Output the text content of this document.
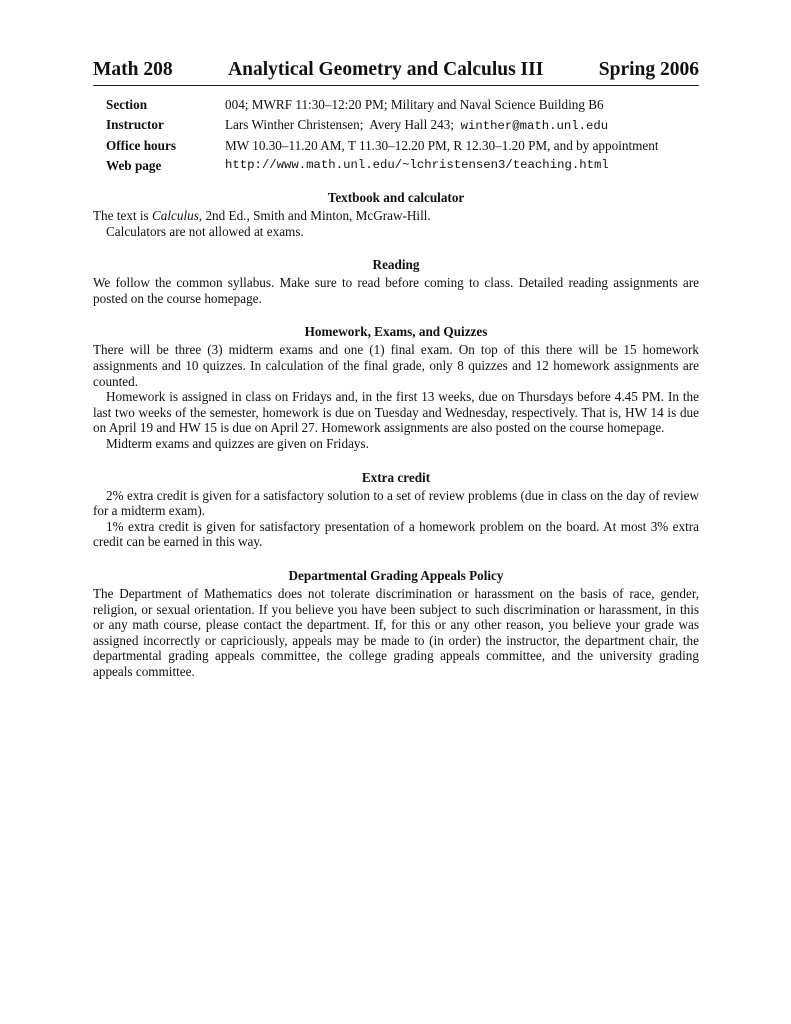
Math 208	Analytical Geometry and Calculus III	Spring 2006
Section	004; MWRF 11:30–12:20 PM; Military and Naval Science Building B6
Instructor	Lars Winther Christensen;  Avery Hall 243;  winther@math.unl.edu
Office hours	MW 10.30–11.20 AM, T 11.30–12.20 PM, R 12.30–1.20 PM, and by appointment
Web page	http://www.math.unl.edu/~lchristensen3/teaching.html
Textbook and calculator

The text is Calculus, 2nd Ed., Smith and Minton, McGraw-Hill.

Calculators are not allowed at exams.

Reading

We follow the common syllabus. Make sure to read before coming to class. Detailed reading assignments are posted on the course homepage.

Homework, Exams, and Quizzes

There will be three (3) midterm exams and one (1) final exam. On top of this there will be 15 homework assignments and 10 quizzes. In calculation of the final grade, only 8 quizzes and 12 homework assignments are counted.

Homework is assigned in class on Fridays and, in the first 13 weeks, due on Thursdays before 4.45 PM. In the last two weeks of the semester, homework is due on Tuesday and Wednesday, respectively. That is, HW 14 is due on April 19 and HW 15 is due on April 27. Homework assignments are also posted on the course homepage.

Midterm exams and quizzes are given on Fridays.

Extra credit

2% extra credit is given for a satisfactory solution to a set of review problems (due in class on the day of review for a midterm exam).

1% extra credit is given for satisfactory presentation of a homework problem on the board. At most 3% extra credit can be earned in this way.

Departmental Grading Appeals Policy

The Department of Mathematics does not tolerate discrimination or harassment on the basis of race, gender, religion, or sexual orientation. If you believe you have been subject to such discrimination or harassment, in this or any math course, please contact the department. If, for this or any other reason, you believe your grade was assigned incorrectly or capriciously, appeals may be made to (in order) the instructor, the department chair, the departmental grading appeals committee, the college grading appeals committee, and the university grading appeals committee.
